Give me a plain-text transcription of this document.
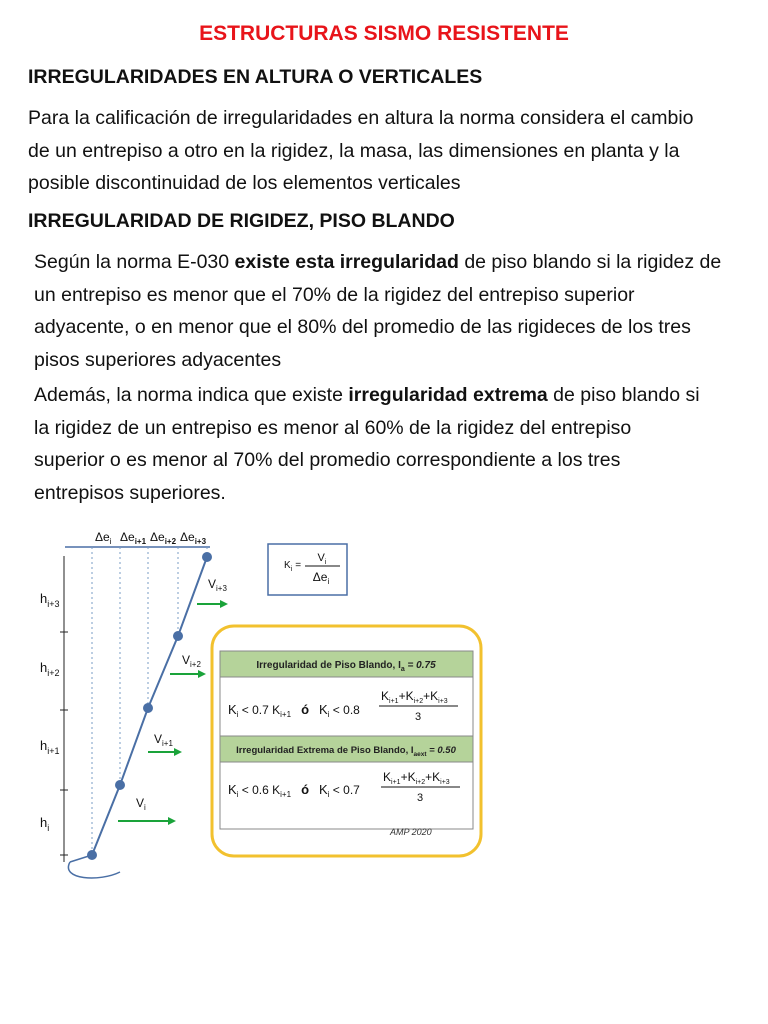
ESTRUCTURAS SISMO RESISTENTE
IRREGULARIDADES EN ALTURA O VERTICALES
Para la calificación de irregularidades en altura la norma considera el cambio
de un entrepiso a otro en la rigidez, la masa, las dimensiones en planta y la
posible discontinuidad de los elementos verticales
IRREGULARIDAD DE RIGIDEZ, PISO BLANDO
Según la norma E-030 existe esta irregularidad de piso blando si la rigidez de
un entrepiso es menor que el 70% de la rigidez del entrepiso superior
adyacente, o en menor que el 80% del promedio de las rigideces de los tres
pisos superiores adyacentes
Además, la norma indica que existe irregularidad extrema de piso blando si
la rigidez de un entrepiso es menor al 60% de la rigidez del entrepiso
superior o es menor al 70% del promedio correspondiente a los tres
entrepisos superiores.
$\Delta e_i$ $\Delta e_{i+1}$ $\Delta e_{i+2}$ $\Delta e_{i+3}$
$h_{i+3}$
$h_{i+2}$
$h_{i+1}$
$h_i$
$V_{i+3}$
$V_{i+2}$
$V_{i+1}$
$V_i$
$K_i$ =
$V_i$
$\Delta e_i$
Irregularidad de Piso Blando, $I_a = 0.75$
Irregularidad Extrema de Piso Blando, $I_{aext} = 0.50$
$K_i < 0.7$ $K_{i+1}$ ó $K_i < 0.8$
$K_{i+1}+K_{i+2}+K_{i+3}$
3
$K_i < 0.6$ $K_{i+1}$ ó $K_i < 0.7$
$K_{i+1}+K_{i+2}+K_{i+3}$
3
AMP 2020
